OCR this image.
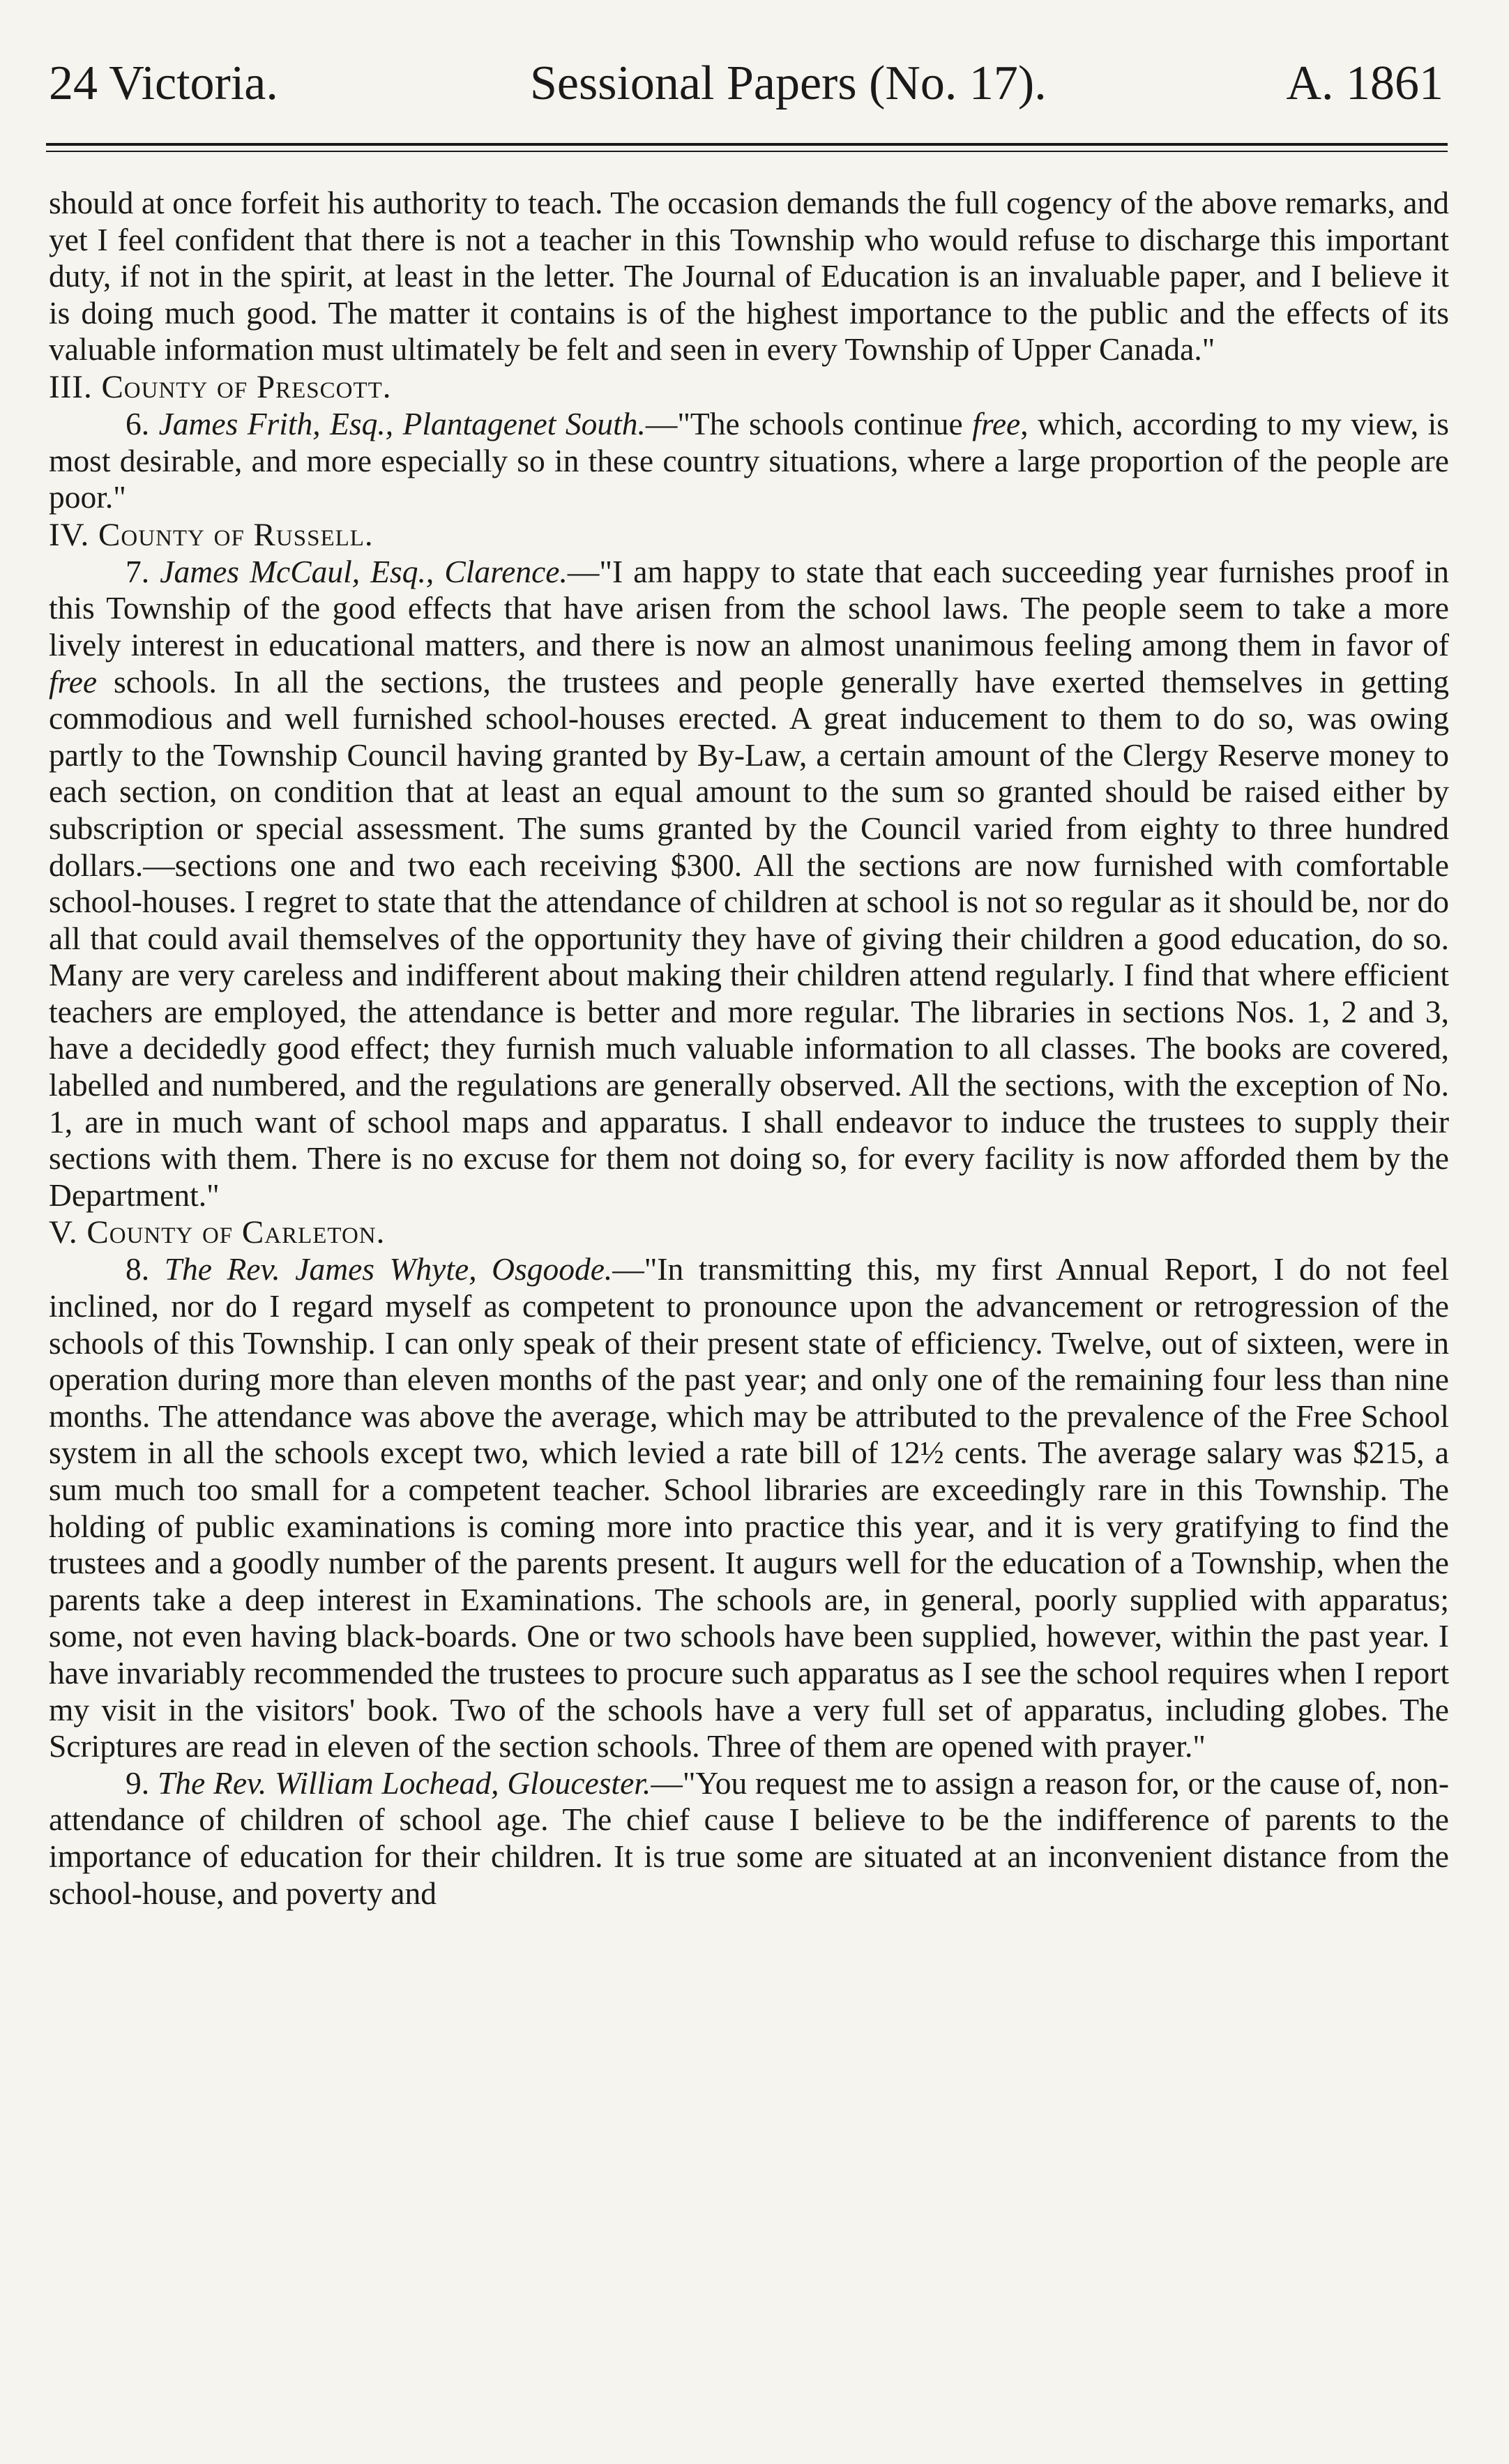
24 Victoria.	Sessional Papers (No. 17).	A. 1861

should at once forfeit his authority to teach. The occasion demands the full cogency of the above remarks, and yet I feel confident that there is not a teacher in this Township who would refuse to discharge this important duty, if not in the spirit, at least in the letter. The Journal of Education is an invaluable paper, and I believe it is doing much good. The matter it contains is of the highest importance to the public and the effects of its valuable information must ultimately be felt and seen in every Township of Upper Canada."

III. County of Prescott.

6. James Frith, Esq., Plantagenet South.—"The schools continue free, which, according to my view, is most desirable, and more especially so in these country situations, where a large proportion of the people are poor."

IV. County of Russell.

7. James McCaul, Esq., Clarence.—"I am happy to state that each succeeding year furnishes proof in this Township of the good effects that have arisen from the school laws. The people seem to take a more lively interest in educational matters, and there is now an almost unanimous feeling among them in favor of free schools. In all the sections, the trustees and people generally have exerted themselves in getting commodious and well furnished school-houses erected. A great inducement to them to do so, was owing partly to the Township Council having granted by By-Law, a certain amount of the Clergy Reserve money to each section, on condition that at least an equal amount to the sum so granted should be raised either by subscription or special assessment. The sums granted by the Council varied from eighty to three hundred dollars.—sections one and two each receiving $300. All the sections are now furnished with comfortable school-houses. I regret to state that the attendance of children at school is not so regular as it should be, nor do all that could avail themselves of the opportunity they have of giving their children a good education, do so. Many are very careless and indifferent about making their children attend regularly. I find that where efficient teachers are employed, the attendance is better and more regular. The libraries in sections Nos. 1, 2 and 3, have a decidedly good effect; they furnish much valuable information to all classes. The books are covered, labelled and numbered, and the regulations are generally observed. All the sections, with the exception of No. 1, are in much want of school maps and apparatus. I shall endeavor to induce the trustees to supply their sections with them. There is no excuse for them not doing so, for every facility is now afforded them by the Department."

V. County of Carleton.

8. The Rev. James Whyte, Osgoode.—"In transmitting this, my first Annual Report, I do not feel inclined, nor do I regard myself as competent to pronounce upon the advancement or retrogression of the schools of this Township. I can only speak of their present state of efficiency. Twelve, out of sixteen, were in operation during more than eleven months of the past year; and only one of the remaining four less than nine months. The attendance was above the average, which may be attributed to the prevalence of the Free School system in all the schools except two, which levied a rate bill of 12½ cents. The average salary was $215, a sum much too small for a competent teacher. School libraries are exceedingly rare in this Township. The holding of public examinations is coming more into practice this year, and it is very gratifying to find the trustees and a goodly number of the parents present. It augurs well for the education of a Township, when the parents take a deep interest in Examinations. The schools are, in general, poorly supplied with apparatus; some, not even having black-boards. One or two schools have been supplied, however, within the past year. I have invariably recommended the trustees to procure such apparatus as I see the school requires when I report my visit in the visitors' book. Two of the schools have a very full set of apparatus, including globes. The Scriptures are read in eleven of the section schools. Three of them are opened with prayer."

9. The Rev. William Lochead, Gloucester.—"You request me to assign a reason for, or the cause of, non-attendance of children of school age. The chief cause I believe to be the indifference of parents to the importance of education for their children. It is true some are situated at an inconvenient distance from the school-house, and poverty and
